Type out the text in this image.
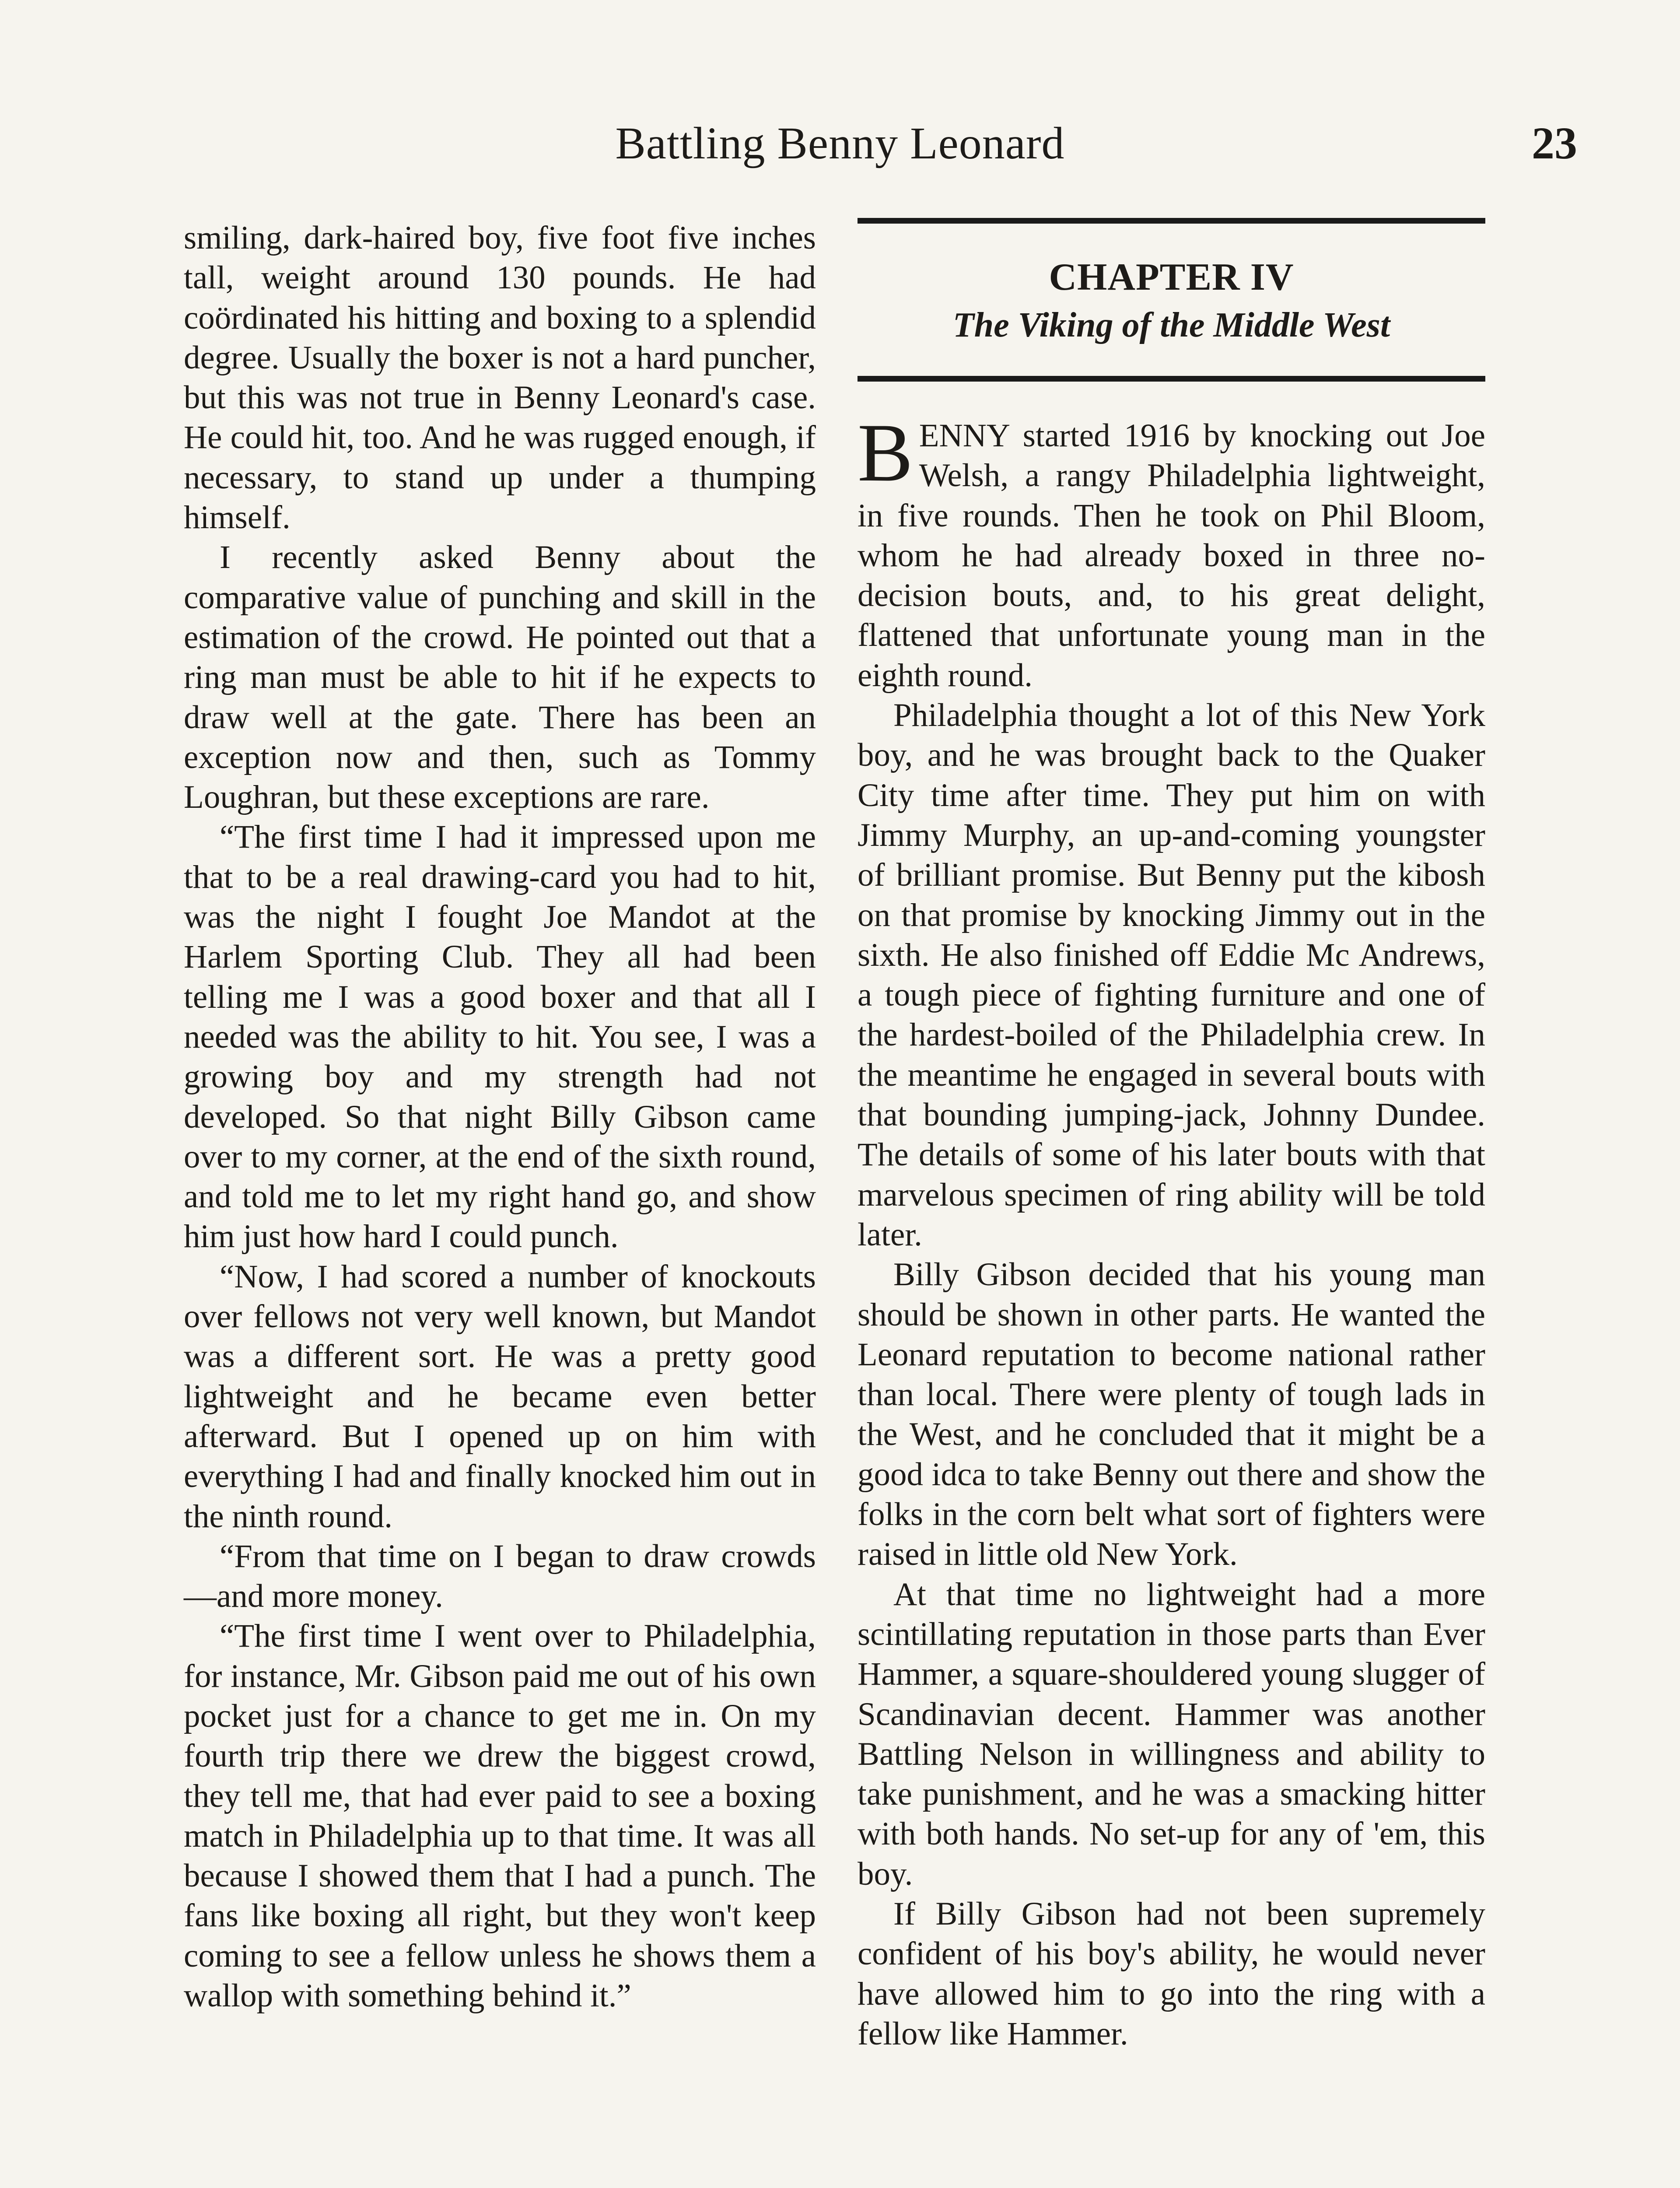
Battling Benny Leonard	23

smiling, dark-haired boy, five foot five inches tall, weight around 130 pounds. He had coördinated his hitting and boxing to a splendid degree. Usually the boxer is not a hard puncher, but this was not true in Benny Leonard's case. He could hit, too. And he was rugged enough, if necessary, to stand up under a thumping himself.

I recently asked Benny about the comparative value of punching and skill in the estimation of the crowd. He pointed out that a ring man must be able to hit if he expects to draw well at the gate. There has been an exception now and then, such as Tommy Loughran, but these exceptions are rare.

“The first time I had it impressed upon me that to be a real drawing-card you had to hit, was the night I fought Joe Mandot at the Harlem Sporting Club. They all had been telling me I was a good boxer and that all I needed was the ability to hit. You see, I was a growing boy and my strength had not developed. So that night Billy Gibson came over to my corner, at the end of the sixth round, and told me to let my right hand go, and show him just how hard I could punch.

“Now, I had scored a number of knockouts over fellows not very well known, but Mandot was a different sort. He was a pretty good lightweight and he became even better afterward. But I opened up on him with everything I had and finally knocked him out in the ninth round.

“From that time on I began to draw crowds—and more money.

“The first time I went over to Philadelphia, for instance, Mr. Gibson paid me out of his own pocket just for a chance to get me in. On my fourth trip there we drew the biggest crowd, they tell me, that had ever paid to see a boxing match in Philadelphia up to that time. It was all because I showed them that I had a punch. The fans like boxing all right, but they won't keep coming to see a fellow unless he shows them a wallop with something behind it.”

CHAPTER IV
The Viking of the Middle West

BENNY started 1916 by knocking out Joe Welsh, a rangy Philadelphia lightweight, in five rounds. Then he took on Phil Bloom, whom he had already boxed in three no-decision bouts, and, to his great delight, flattened that unfortunate young man in the eighth round.

Philadelphia thought a lot of this New York boy, and he was brought back to the Quaker City time after time. They put him on with Jimmy Murphy, an up-and-coming youngster of brilliant promise. But Benny put the kibosh on that promise by knocking Jimmy out in the sixth. He also finished off Eddie Mc Andrews, a tough piece of fighting furniture and one of the hardest-boiled of the Philadelphia crew. In the meantime he engaged in several bouts with that bounding jumping-jack, Johnny Dundee. The details of some of his later bouts with that marvelous specimen of ring ability will be told later.

Billy Gibson decided that his young man should be shown in other parts. He wanted the Leonard reputation to become national rather than local. There were plenty of tough lads in the West, and he concluded that it might be a good idca to take Benny out there and show the folks in the corn belt what sort of fighters were raised in little old New York.

At that time no lightweight had a more scintillating reputation in those parts than Ever Hammer, a square-shouldered young slugger of Scandinavian decent. Hammer was another Battling Nelson in willingness and ability to take punishment, and he was a smacking hitter with both hands. No set-up for any of 'em, this boy.

If Billy Gibson had not been supremely confident of his boy's ability, he would never have allowed him to go into the ring with a fellow like Hammer.
